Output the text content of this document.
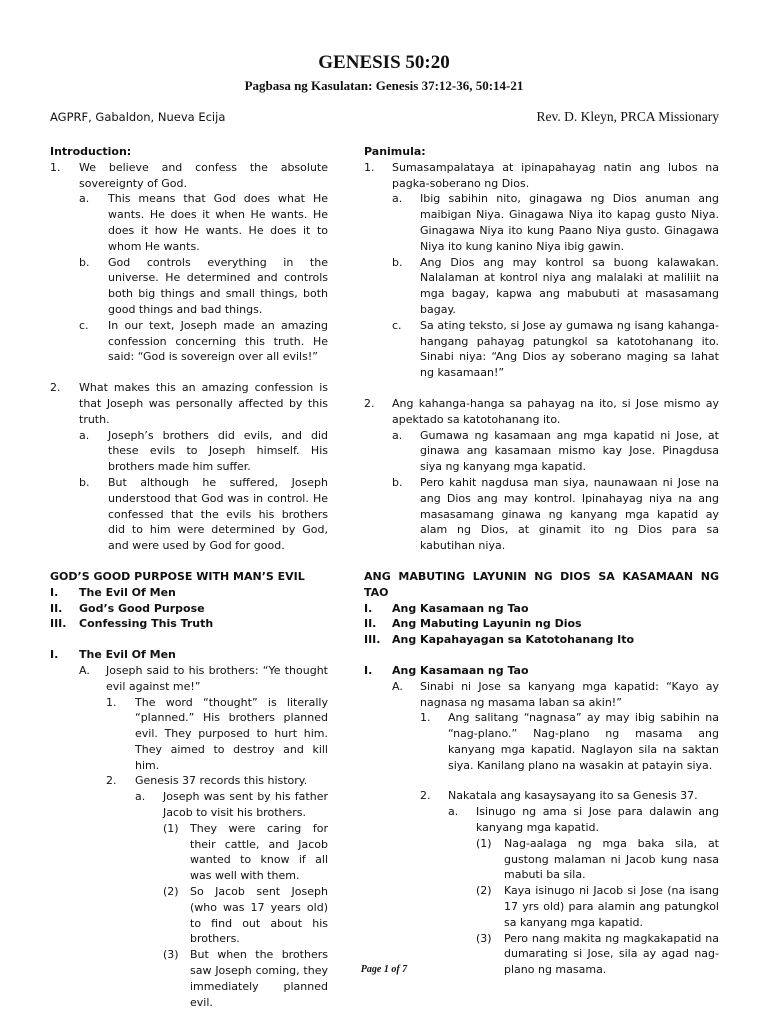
GENESIS 50:20
Pagbasa ng Kasulatan: Genesis 37:12-36, 50:14-21
AGPRF, Gabaldon, Nueva Ecija	Rev. D. Kleyn, PRCA Missionary
Introduction:
1. We believe and confess the absolute sovereignty of God.
a. This means that God does what He wants. He does it when He wants. He does it how He wants. He does it to whom He wants.
b. God controls everything in the universe. He determined and controls both big things and small things, both good things and bad things.
c. In our text, Joseph made an amazing confession concerning this truth. He said: “God is sovereign over all evils!”
2. What makes this an amazing confession is that Joseph was personally affected by this truth.
a. Joseph’s brothers did evils, and did these evils to Joseph himself. His brothers made him suffer.
b. But although he suffered, Joseph understood that God was in control. He confessed that the evils his brothers did to him were determined by God, and were used by God for good.
GOD’S GOOD PURPOSE WITH MAN’S EVIL
I. The Evil Of Men
II. God’s Good Purpose
III. Confessing This Truth
I. The Evil Of Men
A. Joseph said to his brothers: “Ye thought evil against me!”
1. The word “thought” is literally “planned.” His brothers planned evil. They purposed to hurt him. They aimed to destroy and kill him.
2. Genesis 37 records this history.
a. Joseph was sent by his father Jacob to visit his brothers.
(1) They were caring for their cattle, and Jacob wanted to know if all was well with them.
(2) So Jacob sent Joseph (who was 17 years old) to find out about his brothers.
(3) But when the brothers saw Joseph coming, they immediately planned evil.
Panimula:
1. Sumasampalataya at ipinapahayag natin ang lubos na pagka-soberano ng Dios.
a. Ibig sabihin nito, ginagawa ng Dios anuman ang maibigan Niya. Ginagawa Niya ito kapag gusto Niya. Ginagawa Niya ito kung Paano Niya gusto. Ginagawa Niya ito kung kanino Niya ibig gawin.
b. Ang Dios ang may kontrol sa buong kalawakan. Nalalaman at kontrol niya ang malalaki at maliliit na mga bagay, kapwa ang mabubuti at masasamang bagay.
c. Sa ating teksto, si Jose ay gumawa ng isang kahanga-hangang pahayag patungkol sa katotohanang ito. Sinabi niya: “Ang Dios ay soberano maging sa lahat ng kasamaan!”
2. Ang kahanga-hanga sa pahayag na ito, si Jose mismo ay apektado sa katotohanang ito.
a. Gumawa ng kasamaan ang mga kapatid ni Jose, at ginawa ang kasamaan mismo kay Jose. Pinagdusa siya ng kanyang mga kapatid.
b. Pero kahit nagdusa man siya, naunawaan ni Jose na ang Dios ang may kontrol. Ipinahayag niya na ang masasamang ginawa ng kanyang mga kapatid ay alam ng Dios, at ginamit ito ng Dios para sa kabutihan niya.
ANG MABUTING LAYUNIN NG DIOS SA KASAMAAN NG TAO
I. Ang Kasamaan ng Tao
II. Ang Mabuting Layunin ng Dios
III. Ang Kapahayagan sa Katotohanang Ito
I. Ang Kasamaan ng Tao
A. Sinabi ni Jose sa kanyang mga kapatid: “Kayo ay nagnasa ng masama laban sa akin!”
1. Ang salitang “nagnasa” ay may ibig sabihin na “nag-plano.” Nag-plano ng masama ang kanyang mga kapatid. Naglayon sila na saktan siya. Kanilang plano na wasakin at patayin siya.
2. Nakatala ang kasaysayang ito sa Genesis 37.
a. Isinugo ng ama si Jose para dalawin ang kanyang mga kapatid.
(1) Nag-aalaga ng mga baka sila, at gustong malaman ni Jacob kung nasa mabuti ba sila.
(2) Kaya isinugo ni Jacob si Jose (na isang 17 yrs old) para alamin ang patungkol sa kanyang mga kapatid.
(3) Pero nang makita ng magkakapatid na dumarating si Jose, sila ay agad nag-plano ng masama.
Page 1 of 7
